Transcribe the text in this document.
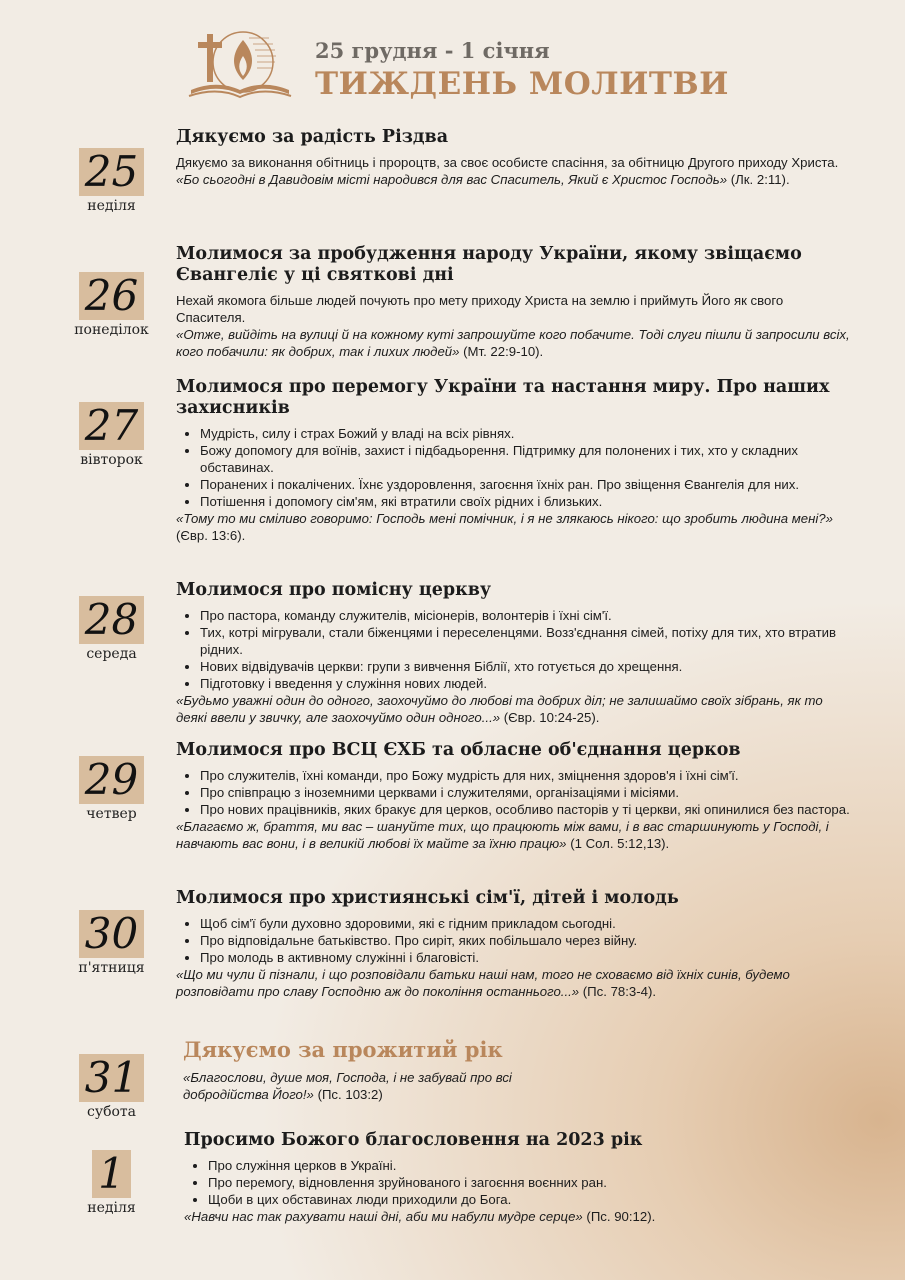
25 грудня - 1 січня
ТИЖДЕНЬ МОЛИТВИ
25
неділя
Дякуємо за радість Різдва

Дякуємо за виконання обітниць і пророцтв, за своє особисте спасіння, за обітницю Другого приходу Христа.

«Бо сьогодні в Давидовім місті народився для вас Спаситель, Який є Христос Господь» (Лк. 2:11).

26
понеділок
Молимося за пробудження народу України, якому звіщаємо Євангеліє у ці святкові дні

Нехай якомога більше людей почують про мету приходу Христа на землю і приймуть Його як свого Спасителя.

«Отже, вийдіть на вулиці й на кожному куті запрошуйте кого побачите. Тоді слуги пішли й запросили всіх, кого побачили: як добрих, так і лихих людей» (Мт. 22:9-10).

27
вівторок
Молимося про перемогу України та настання миру. Про наших захисників
• Мудрість, силу і страх Божий у владі на всіх рівнях.
• Божу допомогу для воїнів, захист і підбадьорення. Підтримку для полонених і тих, хто у складних обставинах.
• Поранених і покалічених. Їхнє уздоровлення, загоєння їхніх ран. Про звіщення Євангелія для них.
• Потішення і допомогу сім'ям, які втратили своїх рідних і близьких.

«Тому то ми сміливо говоримо: Господь мені помічник, і я не злякаюсь нікого: що зробить людина мені?» (Євр. 13:6).

28
середа
Молимося про помісну церкву
• Про пастора, команду служителів, місіонерів, волонтерів і їхні сім'ї.
• Тих, котрі мігрували, стали біженцями і переселенцями. Возз'єднання сімей, потіху для тих, хто втратив рідних.
• Нових відвідувачів церкви: групи з вивчення Біблії, хто готується до хрещення.
• Підготовку і введення у служіння нових людей.

«Будьмо уважні один до одного, заохочуймо до любові та добрих діл; не залишаймо своїх зібрань, як то деякі ввели у звичку, але заохочуймо один одного...» (Євр. 10:24-25).

29
четвер
Молимося про ВСЦ ЄХБ та обласне об'єднання церков
• Про служителів, їхні команди, про Божу мудрість для них, зміцнення здоров'я і їхні сім'ї.
• Про співпрацю з іноземними церквами і служителями, організаціями і місіями.
• Про нових працівників, яких бракує для церков, особливо пасторів у ті церкви, які опинилися без пастора.

«Благаємо ж, браття, ми вас – шануйте тих, що працюють між вами, і в вас старшинують у Господі, і навчають вас вони, і в великій любові їх майте за їхню працю» (1 Сол. 5:12,13).

30
п'ятниця
Молимося про християнські сім'ї, дітей і молодь
• Щоб сім'ї були духовно здоровими, які є гідним прикладом сьогодні.
• Про відповідальне батьківство. Про сиріт, яких побільшало через війну.
• Про молодь в активному служінні і благовісті.

«Що ми чули й пізнали, і що розповідали батьки наші нам, того не сховаємо від їхніх синів, будемо розповідати про славу Господню аж до покоління останнього...» (Пс. 78:3-4).

31
субота
Дякуємо за прожитий рік

«Благослови, душе моя, Господа, і не забувай про всі добродійства Його!» (Пс. 103:2)

1
неділя
Просимо Божого благословення на 2023 рік
• Про служіння церков в Україні.
• Про перемогу, відновлення зруйнованого і загоєння воєнних ран.
• Щоби в цих обставинах люди приходили до Бога.

«Навчи нас так рахувати наші дні, аби ми набули мудре серце» (Пс. 90:12).
